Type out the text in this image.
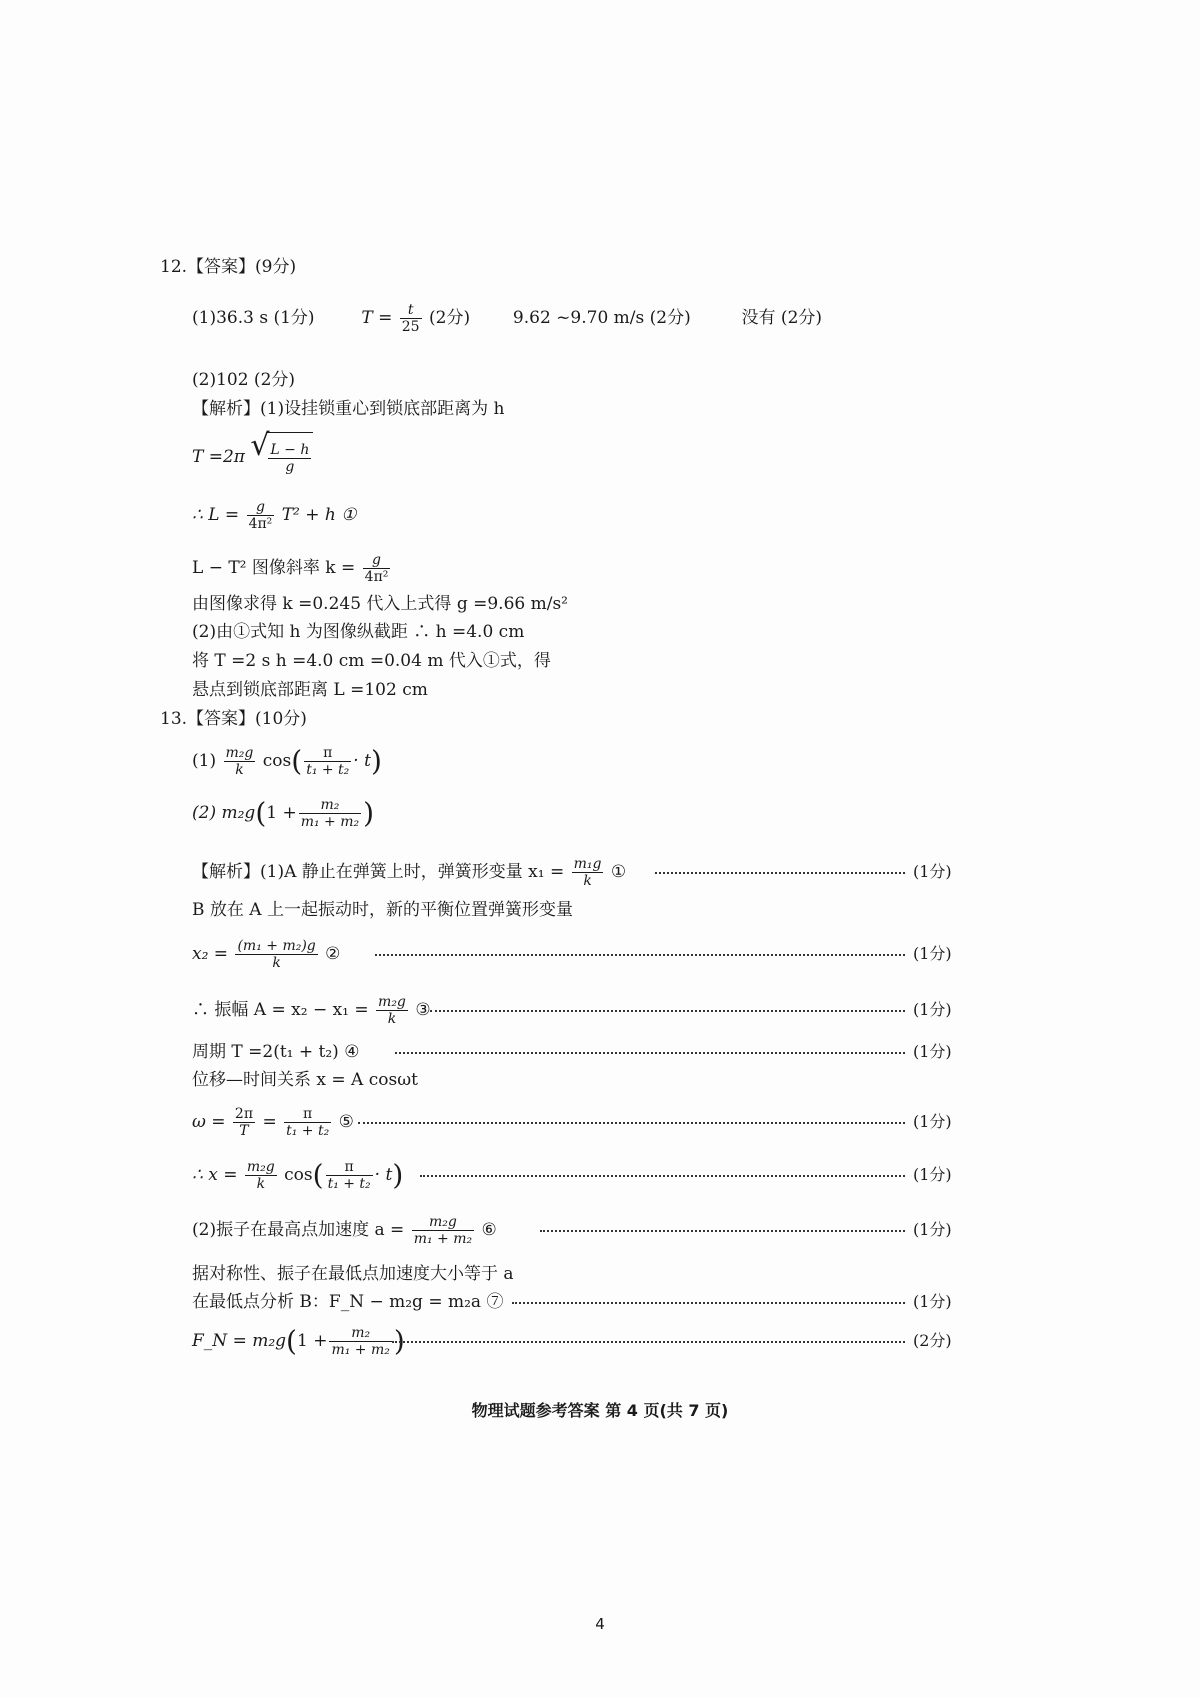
12.【答案】(9分)
(1)36.3 s (1分)	$T = \frac{t}{25} (2$分)	9.62 ~9.70 m/s (2分)	没有 (2分)
(2)102 (2分)
【解析】(1)设挂锁重心到锁底部距离为 h
T =2π √
$\frac{L - h}{g}$
∴ $L = \frac{g}{\text{4π²}} T^2 + h$ ①
L − T² 图像斜率 $k = \frac{g}{\text{4π²}}$
由图像求得 k =0.245 代入上式得 g =9.66 m/s²
(2)由①式知 h 为图像纵截距 ∴ h =4.0 cm
将 T =2 s h =4.0 cm =0.04 m 代入①式，得
悬点到锁底部距离 L =102 cm
13.【答案】(10分)
$(1) \frac{\text{m₂g}}{k} \cos( \frac{\pi}{\text{t₁ + t₂}} \cdot t)$
(2) $m_2g(1 + \frac{\text{m₂}}{\text{m₁ + m₂}}$ )
【解析】(1)A 静止在弹簧上时，弹簧形变量 $x_1 = \frac{\text{m₁g}}{k}$ ①	(1分)
B 放在 A 上一起振动时，新的平衡位置弹簧形变量
$x_2 = \frac{\text{(m₁ + m₂)g}}{k}$ ②	(1分)
∴ 振幅 $A = x_2 - x_1 = \frac{\text{m₂g}}{k}$ ③	(1分)
周期 T =2(t₁ + t₂) ④	(1分)
位移—时间关系 x = A cosωt
$\omega = \frac{2\pi}{T} = \frac{\pi}{\text{t₁ + t₂}}$ ⑤	(1分)
∴ $x = \frac{\text{m₂g}}{k} \cos( \frac{\pi}{\text{t₁ + t₂}} \cdot t)$	(1分)
(2)振子在最高点加速度 $a = \frac{\text{m₂g}}{\text{m₁ + m₂}}$ ⑥	(1分)
据对称性、振子在最低点加速度大小等于 a
在最低点分析 B：F_N − m₂g = m₂a ⑦	(1分)
F_N = $m_2g(1 + \frac{\text{m₂}}{\text{m₁ + m₂}}$ )	(2分)
物理试题参考答案 第 4 页(共 7 页)
4
